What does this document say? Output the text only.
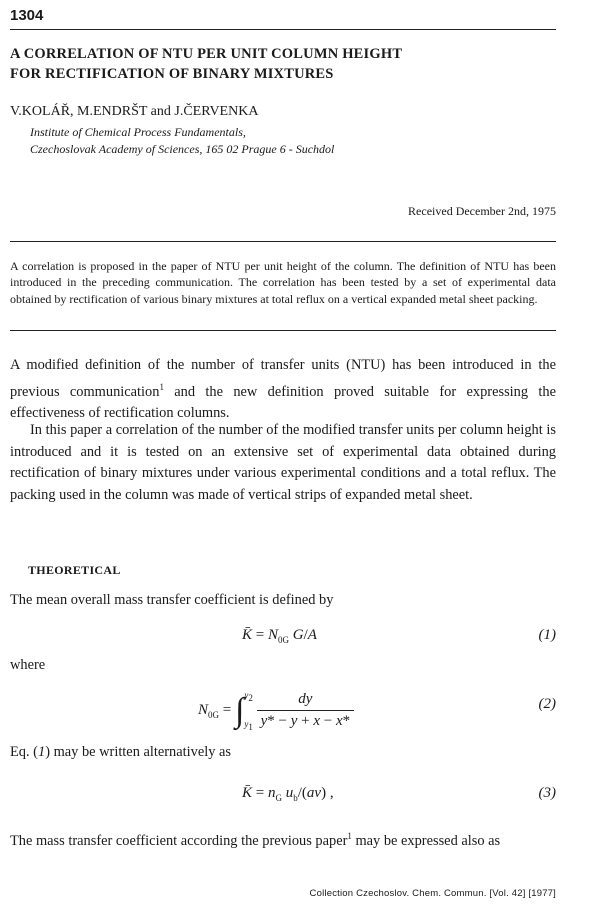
1304
A CORRELATION OF NTU PER UNIT COLUMN HEIGHT
FOR RECTIFICATION OF BINARY MIXTURES
V.KOLÁŘ, M.ENDRŠT and J.ČERVENKA
Institute of Chemical Process Fundamentals,
Czechoslovak Academy of Sciences, 165 02 Prague 6 - Suchdol
Received December 2nd, 1975
A correlation is proposed in the paper of NTU per unit height of the column. The definition of NTU has been introduced in the preceding communication. The correlation has been tested by a set of experimental data obtained by rectification of various binary mixtures at total reflux on a vertical expanded metal sheet packing.
A modified definition of the number of transfer units (NTU) has been introduced in the previous communication$^1$ and the new definition proved suitable for expressing the effectiveness of rectification columns.
In this paper a correlation of the number of the modified transfer units per column height is introduced and it is tested on an extensive set of experimental data obtained during rectification of binary mixtures under various experimental conditions and a total reflux. The packing used in the column was made of vertical strips of expanded metal sheet.
THEORETICAL
The mean overall mass transfer coefficient is defined by
K̄ = $N_{0G}$ G/A	(1)
where
$N_{0G} = \int y_2$
$y_1 \frac{dy}{y* - y + x - x*}$	(2)
Eq. (1) may be written alternatively as
K̄ = $n_G$ $u_b/(av)$ ,	(3)
The mass transfer coefficient according the previous paper$^1$ may be expressed also as
Collection Czechoslov. Chem. Commun. [Vol. 42] [1977]
